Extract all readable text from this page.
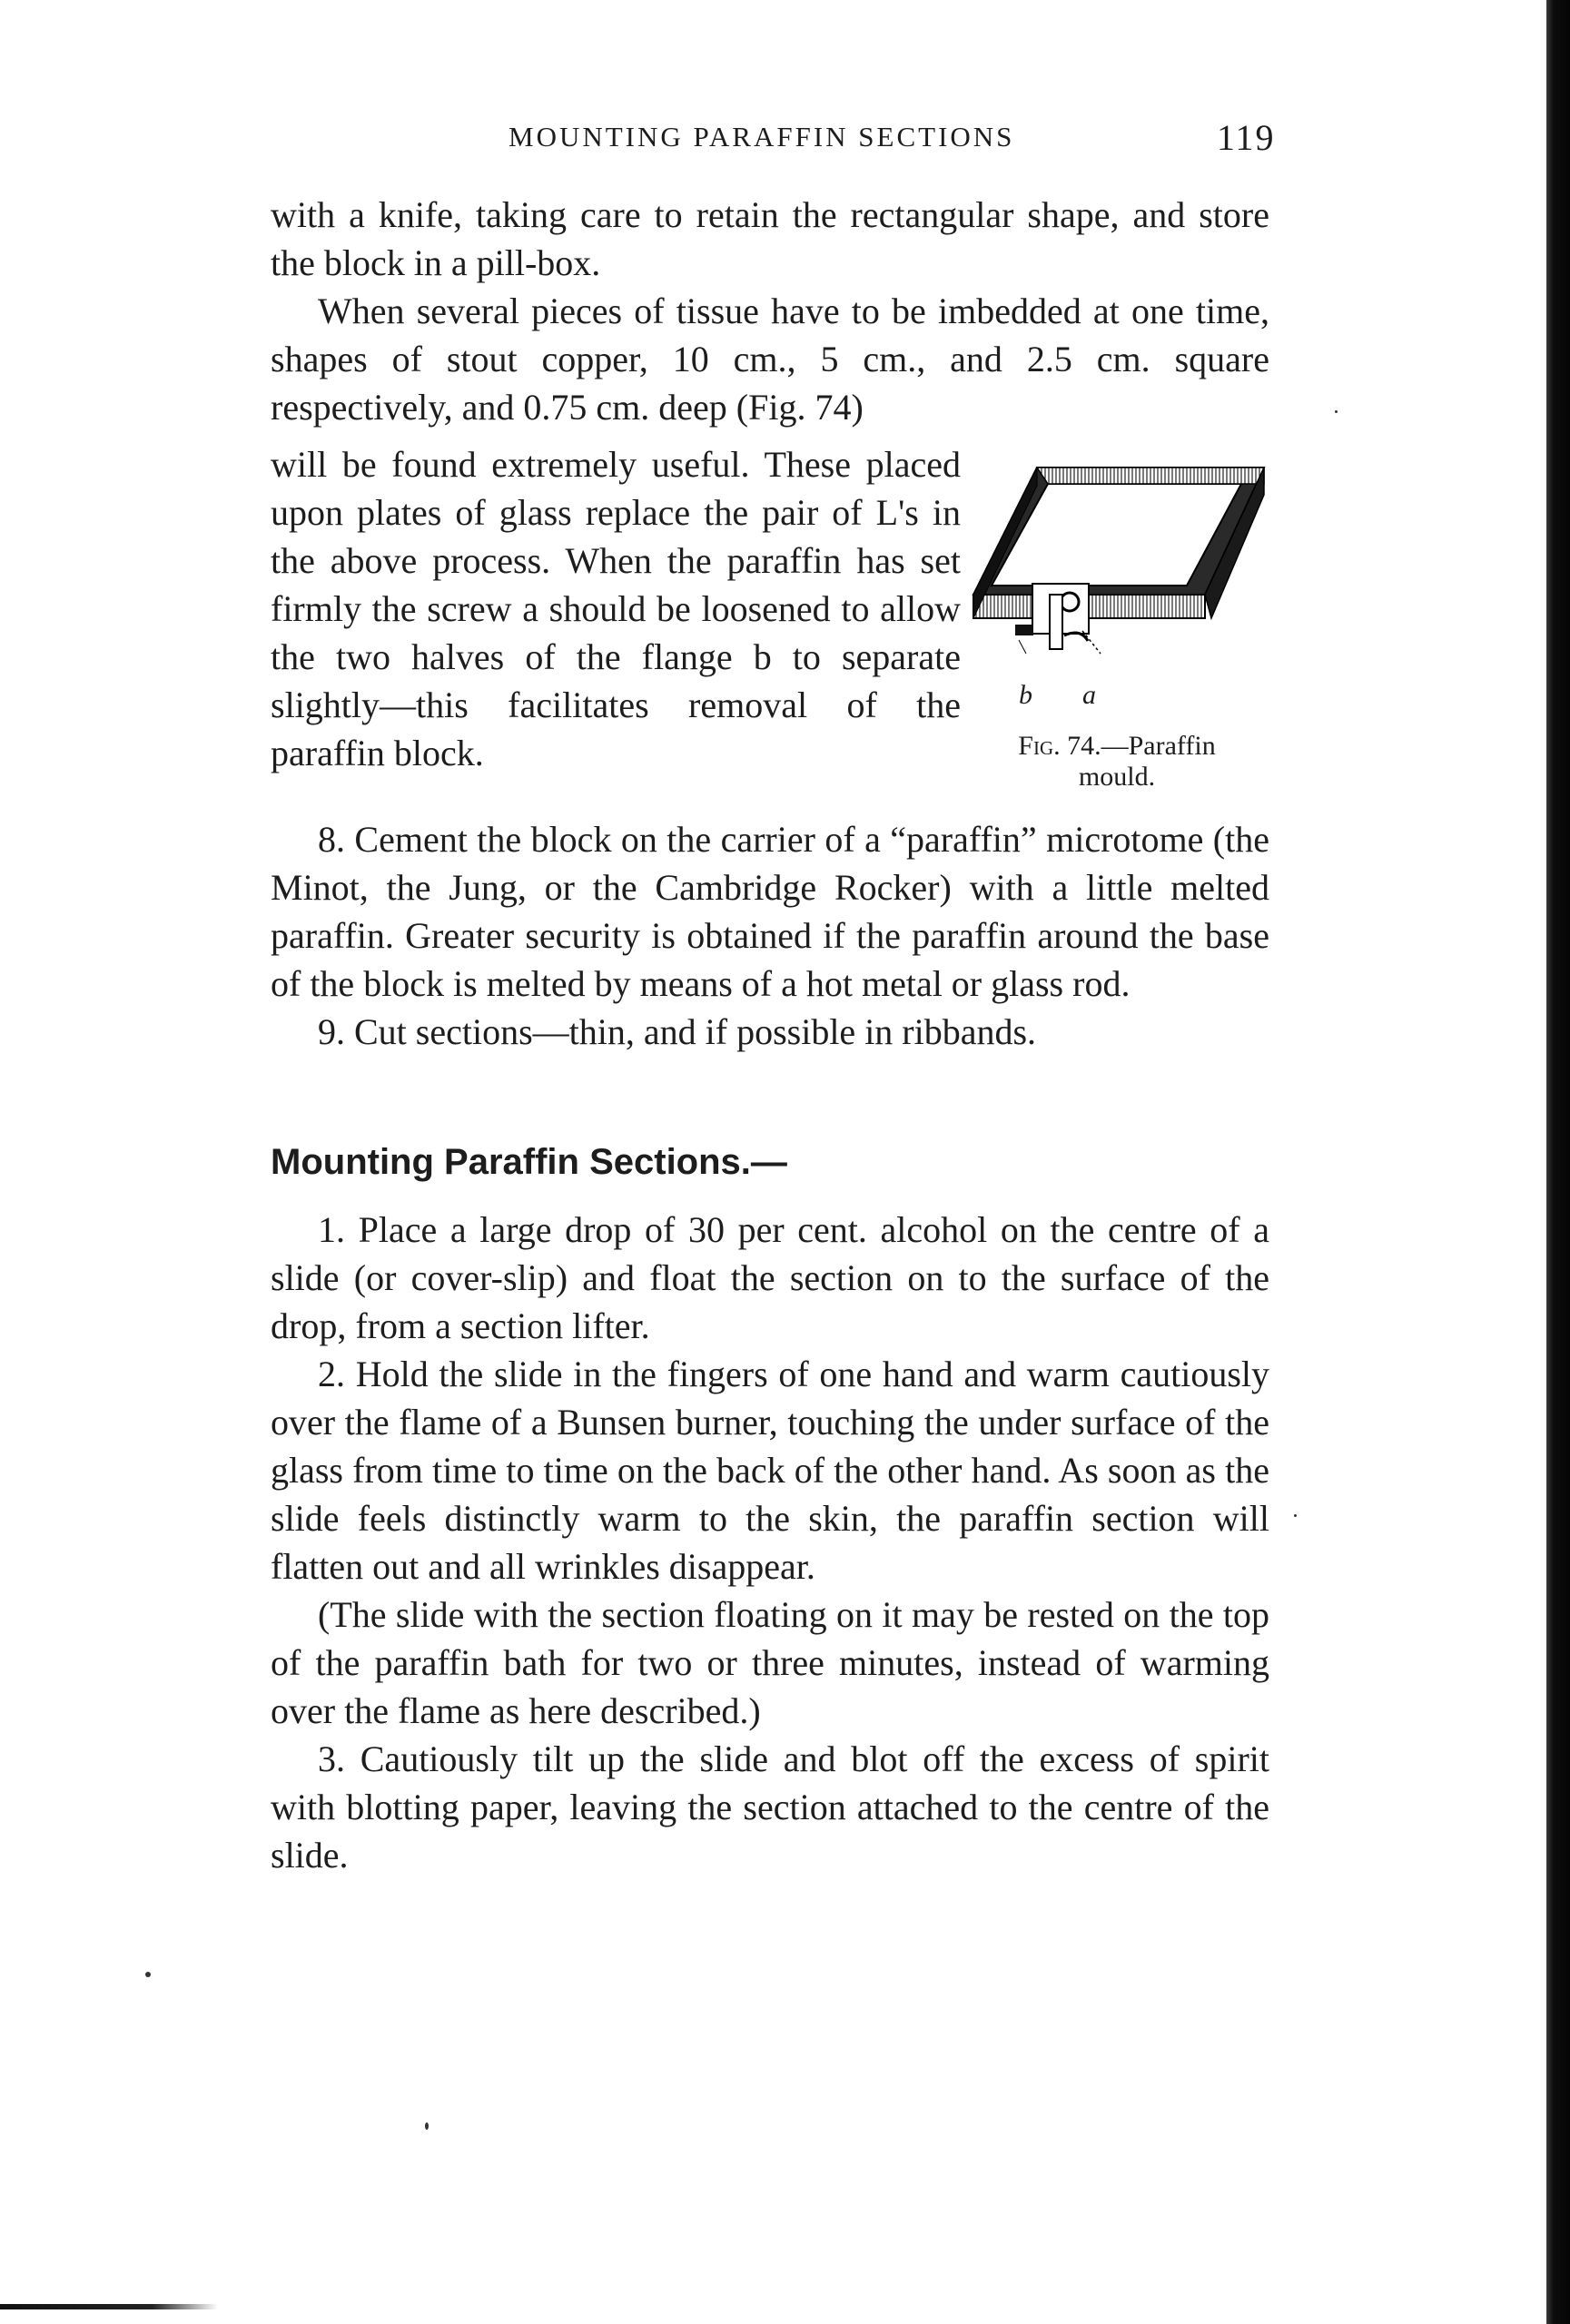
MOUNTING PARAFFIN SECTIONS	119

with a knife, taking care to retain the rectangular shape, and store the block in a pill-box.

When several pieces of tissue have to be imbedded at one time, shapes of stout copper, 10 cm., 5 cm., and 2.5 cm. square respectively, and 0.75 cm. deep (Fig. 74)

will be found extremely useful. These placed upon plates of glass replace the pair of L's in the above process. When the paraffin has set firmly the screw a should be loosened to allow the two halves of the flange b to separate slightly—this facilitates removal of the paraffin block.
b a
Fig. 74.—Paraffin mould.

8. Cement the block on the carrier of a “paraffin” microtome (the Minot, the Jung, or the Cambridge Rocker) with a little melted paraffin. Greater security is obtained if the paraffin around the base of the block is melted by means of a hot metal or glass rod.

9. Cut sections—thin, and if possible in ribbands.

Mounting Paraffin Sections.—

1. Place a large drop of 30 per cent. alcohol on the centre of a slide (or cover-slip) and float the section on to the surface of the drop, from a section lifter.

2. Hold the slide in the fingers of one hand and warm cautiously over the flame of a Bunsen burner, touching the under surface of the glass from time to time on the back of the other hand. As soon as the slide feels distinctly warm to the skin, the paraffin section will flatten out and all wrinkles disappear.

(The slide with the section floating on it may be rested on the top of the paraffin bath for two or three minutes, instead of warming over the flame as here described.)

3. Cautiously tilt up the slide and blot off the excess of spirit with blotting paper, leaving the section attached to the centre of the slide.
